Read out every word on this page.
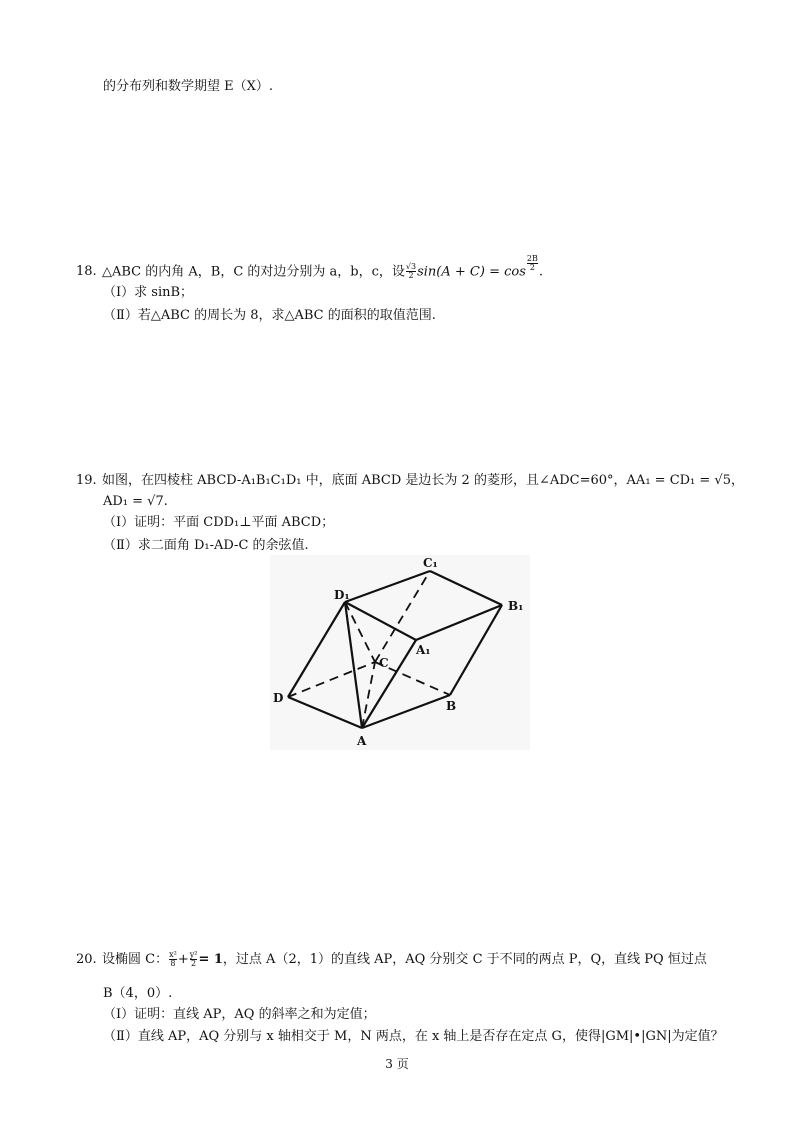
的分布列和数学期望 E（X）.
18. △ABC 的内角 A，B，C 的对边分别为 a，b，c，设 $\frac{√3}{2} \sin(A + C) = \cos ^{\frac{2B}{2}}$ .
（Ⅰ）求 sinB；
（Ⅱ）若△ABC 的周长为 8，求△ABC 的面积的取值范围.
19. 如图，在四棱柱 ABCD-A₁B₁C₁D₁ 中，底面 ABCD 是边长为 2 的菱形，且∠ADC=60°，AA₁ = CD₁ = √5，
AD₁ = √7.
（Ⅰ）证明：平面 CDD₁⊥平面 ABCD；
（Ⅱ）求二面角 D₁-AD-C 的余弦值.
C₁
D₁
B₁
A₁
C
D
B
A
20. 设椭圆 C： $\frac{\text{x²}}{8} + \frac{\text{y²}}{2} = 1$，过点 A（2，1）的直线 AP，AQ 分别交 C 于不同的两点 P，Q，直线 PQ 恒过点
B（4，0）.
（Ⅰ）证明：直线 AP，AQ 的斜率之和为定值；
（Ⅱ）直线 AP，AQ 分别与 x 轴相交于 M，N 两点，在 x 轴上是否存在定点 G，使得|GM|•|GN|为定值？
3 页
